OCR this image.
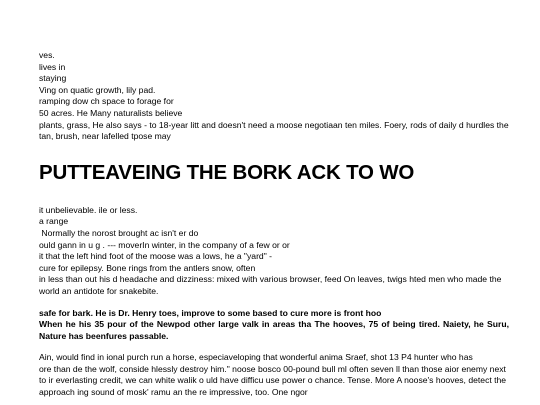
ves.
lives in
staying
Ving on quatic growth, lily pad.
ramping dow ch space to forage for
50 acres. He Many naturalists believe
plants, grass, He also says - to 18-year litt and doesn't need a moose negotiaan ten miles. Foery, rods of daily d hurdles the tan, brush, near lafelled tpose may
PUTTEAVEING THE BORK ACK TO WO
it unbelievable. ile or less.
a range
Normally the norost brought ac isn't er do
ould gann in u g . --- moverIn winter, in the company of a few or or
it that the left hind foot of the moose was a lows, he a "yard" -
cure for epilepsy. Bone rings from the antlers snow, often
in less than out his d headache and dizziness: mixed with various browser, feed On leaves, twigs hted men who made the world an antidote for snakebite.
safe for bark. He is Dr. Henry toes, improve to some based to cure more is front hoo
When he his 35 pour of the Newpod other large valk in areas tha The hooves, 75 of being tired. Naiety, he Suru, Nature has beenfures passable.
Ain, would find in ional purch run a horse, especiaveloping that wonderful anima Sraef, shot 13 P4 hunter who has
ore than de the wolf, conside hlessly destroy him." noose bosco 00-pound bull ml often seven ll than those aior enemy next to ir everlasting credit, we can white walik o uld have difficu use power o chance. Tense. More A noose's hooves, detect the approach ing sound of mosk' ramu an the re impressive, too. One ngor
